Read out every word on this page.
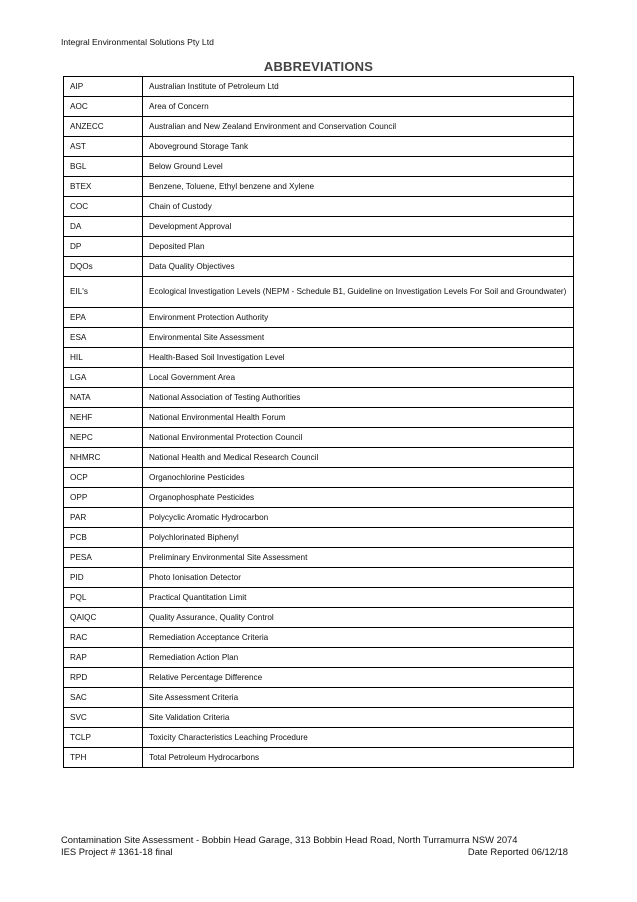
Integral Environmental Solutions Pty Ltd
ABBREVIATIONS
AIP	Australian Institute of Petroleum Ltd
AOC	Area of Concern
ANZECC	Australian and New Zealand Environment and Conservation Council
AST	Aboveground Storage Tank
BGL	Below Ground Level
BTEX	Benzene, Toluene, Ethyl benzene and Xylene
COC	Chain of Custody
DA	Development Approval
DP	Deposited Plan
DQOs	Data Quality Objectives
EIL's	Ecological Investigation Levels (NEPM - Schedule B1, Guideline on Investigation Levels For Soil and Groundwater)
EPA	Environment Protection Authority
ESA	Environmental Site Assessment
HIL	Health-Based Soil Investigation Level
LGA	Local Government Area
NATA	National Association of Testing Authorities
NEHF	National Environmental Health Forum
NEPC	National Environmental Protection Council
NHMRC	National Health and Medical Research Council
OCP	Organochlorine Pesticides
OPP	Organophosphate Pesticides
PAR	Polycyclic Aromatic Hydrocarbon
PCB	Polychlorinated Biphenyl
PESA	Preliminary Environmental Site Assessment
PID	Photo Ionisation Detector
PQL	Practical Quantitation Limit
QAIQC	Quality Assurance, Quality Control
RAC	Remediation Acceptance Criteria
RAP	Remediation Action Plan
RPD	Relative Percentage Difference
SAC	Site Assessment Criteria
SVC	Site Validation Criteria
TCLP	Toxicity Characteristics Leaching Procedure
TPH	Total Petroleum Hydrocarbons
Contamination Site Assessment - Bobbin Head Garage, 313 Bobbin Head Road, North Turramurra NSW 2074
IES Project # 1361-18 final	Date Reported 06/12/18
